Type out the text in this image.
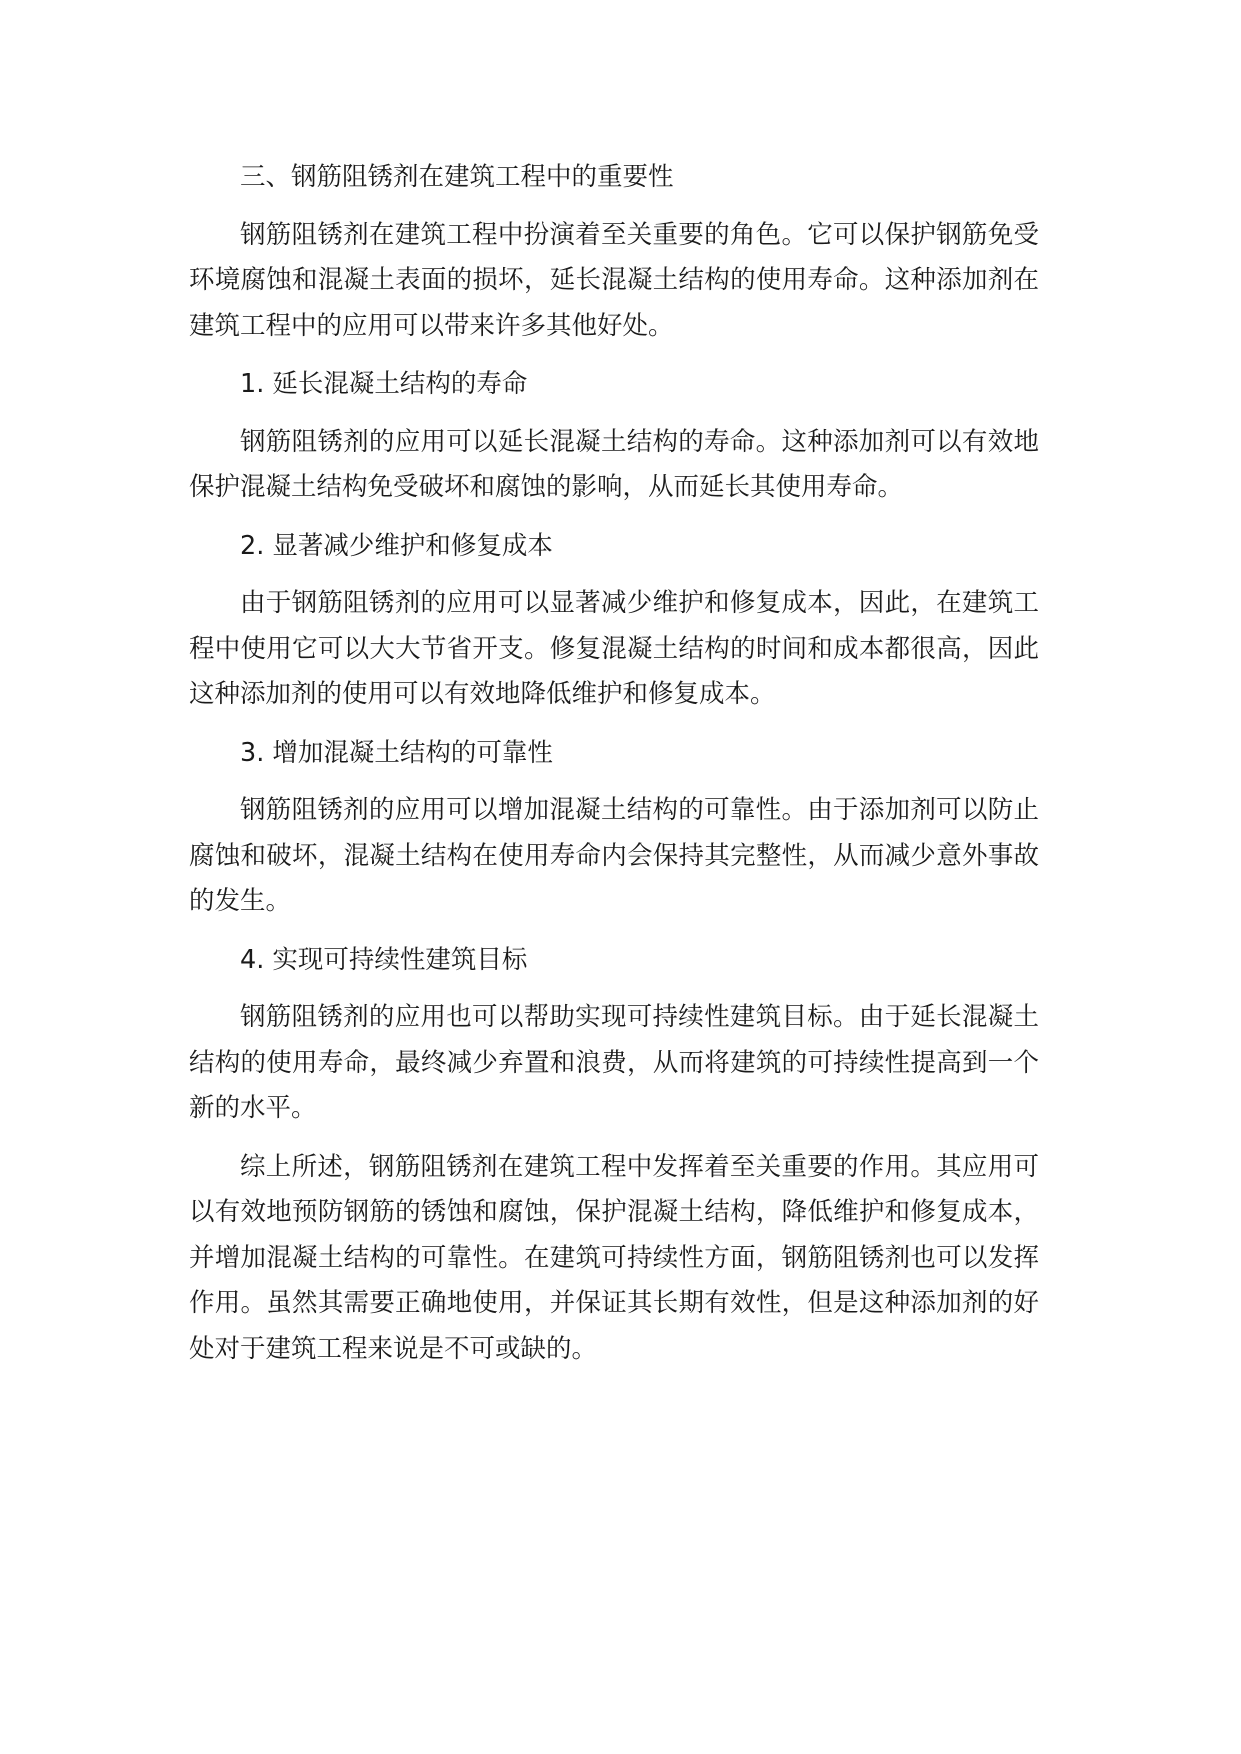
三、钢筋阻锈剂在建筑工程中的重要性

钢筋阻锈剂在建筑工程中扮演着至关重要的角色。它可以保护钢筋免受环境腐蚀和混凝土表面的损坏，延长混凝土结构的使用寿命。这种添加剂在建筑工程中的应用可以带来许多其他好处。

1. 延长混凝土结构的寿命

钢筋阻锈剂的应用可以延长混凝土结构的寿命。这种添加剂可以有效地保护混凝土结构免受破坏和腐蚀的影响，从而延长其使用寿命。

2. 显著减少维护和修复成本

由于钢筋阻锈剂的应用可以显著减少维护和修复成本，因此，在建筑工程中使用它可以大大节省开支。修复混凝土结构的时间和成本都很高，因此这种添加剂的使用可以有效地降低维护和修复成本。

3. 增加混凝土结构的可靠性

钢筋阻锈剂的应用可以增加混凝土结构的可靠性。由于添加剂可以防止腐蚀和破坏，混凝土结构在使用寿命内会保持其完整性，从而减少意外事故的发生。

4. 实现可持续性建筑目标

钢筋阻锈剂的应用也可以帮助实现可持续性建筑目标。由于延长混凝土结构的使用寿命，最终减少弃置和浪费，从而将建筑的可持续性提高到一个新的水平。

综上所述，钢筋阻锈剂在建筑工程中发挥着至关重要的作用。其应用可以有效地预防钢筋的锈蚀和腐蚀，保护混凝土结构，降低维护和修复成本，并增加混凝土结构的可靠性。在建筑可持续性方面，钢筋阻锈剂也可以发挥作用。虽然其需要正确地使用，并保证其长期有效性，但是这种添加剂的好处对于建筑工程来说是不可或缺的。
